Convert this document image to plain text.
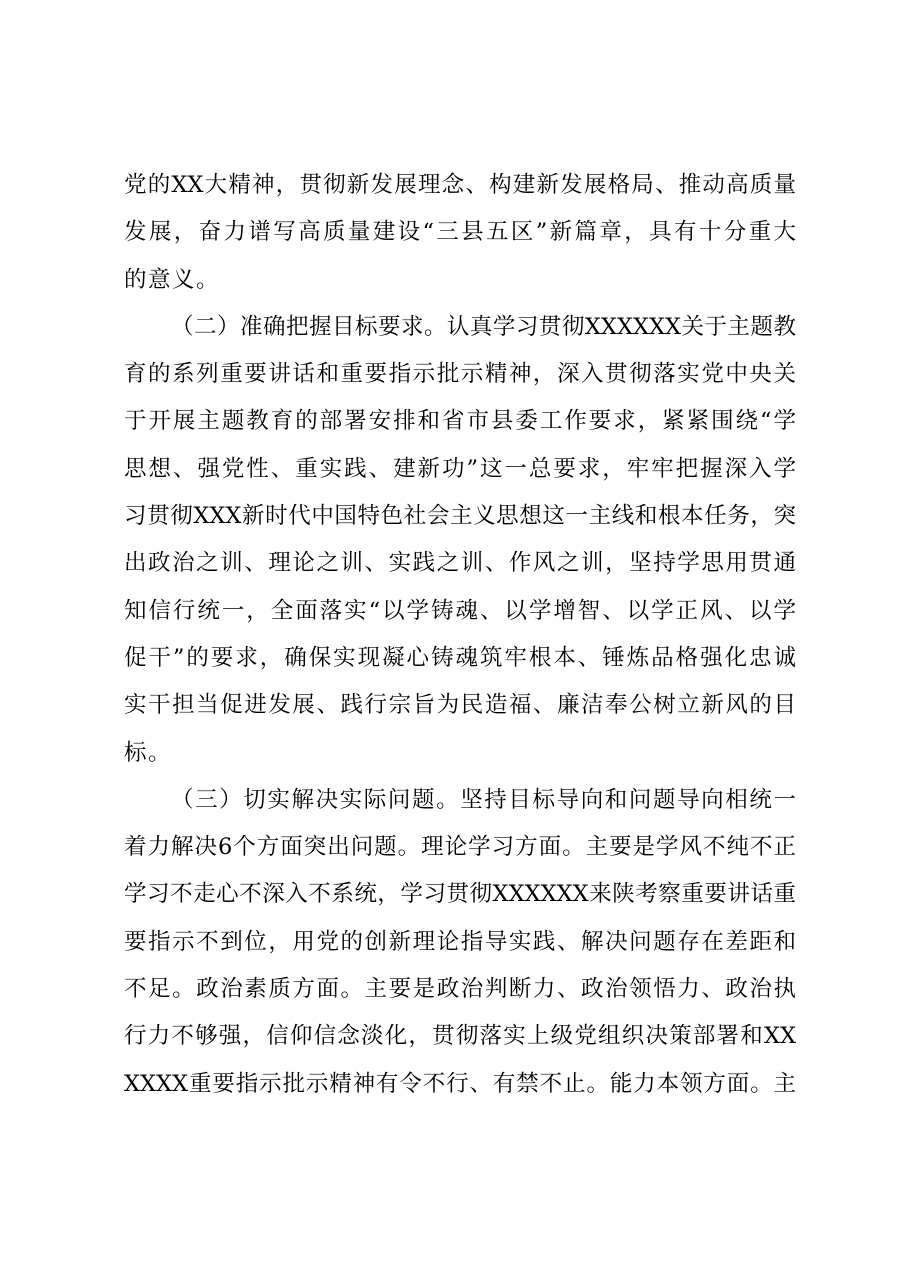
党的XX大精神，贯彻新发展理念、构建新发展格局、推动高质量
发展，奋力谱写高质量建设“三县五区”新篇章，具有十分重大
的意义。
（二）准确把握目标要求。认真学习贯彻XXXXXX关于主题教
育的系列重要讲话和重要指示批示精神，深入贯彻落实党中央关
于开展主题教育的部署安排和省市县委工作要求，紧紧围绕“学
思想、强党性、重实践、建新功”这一总要求，牢牢把握深入学
习贯彻XXX新时代中国特色社会主义思想这一主线和根本任务，突
出政治之训、理论之训、实践之训、作风之训，坚持学思用贯通
知信行统一，全面落实“以学铸魂、以学增智、以学正风、以学
促干”的要求，确保实现凝心铸魂筑牢根本、锤炼品格强化忠诚
实干担当促进发展、践行宗旨为民造福、廉洁奉公树立新风的目
标。
（三）切实解决实际问题。坚持目标导向和问题导向相统一
着力解决6个方面突出问题。理论学习方面。主要是学风不纯不正
学习不走心不深入不系统，学习贯彻XXXXXX来陕考察重要讲话重
要指示不到位，用党的创新理论指导实践、解决问题存在差距和
不足。政治素质方面。主要是政治判断力、政治领悟力、政治执
行力不够强，信仰信念淡化，贯彻落实上级党组织决策部署和XX
XXXX重要指示批示精神有令不行、有禁不止。能力本领方面。主
